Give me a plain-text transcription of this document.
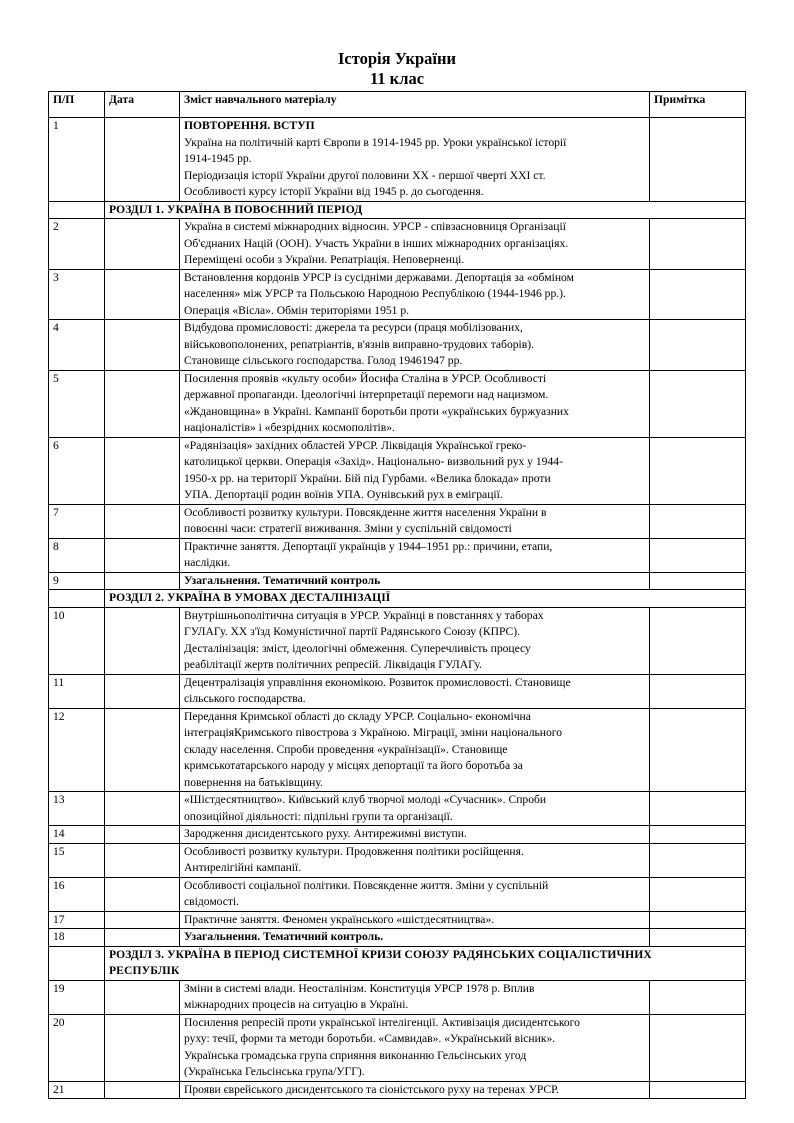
Історія України
11 клас
П/П	Дата	Зміст навчального матеріалу	Примітка
1		ПОВТОРЕННЯ. ВСТУП
Україна на політичній карті Європи в 1914-1945 рр. Уроки української історії
1914-1945 рр.
Періодизація історії України другої половини ХХ - першої чверті XXI ст.
Особливості курсу історії України від 1945 р. до сьогодення.	

	РОЗДІЛ 1. УКРАЇНА В ПОВОЄННИЙ ПЕРІОД		
2		Україна в системі міжнародних відносин. УРСР - співзасновниця Організації
Об'єднаних Націй (ООН). Участь України в інших міжнародних організаціях.
Переміщені особи з України. Репатріація. Неповерненці.	

3		Встановлення кордонів УРСР із сусідніми державами. Депортація за «обміном
населення» між УРСР та Польською Народною Республікою (1944-1946 рр.).
Операція «Вісла». Обмін територіями 1951 р.	

4		Відбудова промисловості: джерела та ресурси (праця мобілізованих,
військовополонених, репатріантів, в'язнів виправно-трудових таборів).
Становище сільського господарства. Голод 19461947 рр.	

5		Посилення проявів «культу особи» Йосифа Сталіна в УРСР. Особливості
державної пропаганди. Ідеологічні інтерпретації перемоги над нацизмом.
«Ждановщина» в Україні. Кампанії боротьби проти «українських буржуазних
націоналістів» і «безрідних космополітів».	

6		«Радянізація» західних областей УРСР. Ліквідація Української греко-
католицької церкви. Операція «Захід». Національно- визвольний рух у 1944-
1950-х рр. на території України. Бій під Гурбами. «Велика блокада» проти
УПА. Депортації родин воїнів УПА. Оунівський рух в еміграції.	

7		Особливості розвитку культури. Повсякденне життя населення України в
повоєнні часи: стратегії виживання. Зміни у суспільній свідомості	

8		Практичне заняття. Депортації українців у 1944–1951 рр.: причини, етапи,
наслідки.	

9		Узагальнення. Тематичний контроль	

	РОЗДІЛ 2. УКРАЇНА В УМОВАХ ДЕСТАЛІНІЗАЦІЇ		
10		Внутрішньополітична ситуація в УРСР. Українці в повстаннях у таборах
ГУЛАГу. ХХ з'їзд Комуністичної партії Радянського Союзу (КПРС).
Десталінізація: зміст, ідеологічні обмеження. Суперечливість процесу
реабілітації жертв політичних репресій. Ліквідація ГУЛАГу.	

11		Децентралізація управління економікою. Розвиток промисловості. Становище
сільського господарства.	

12		Передання Кримської області до складу УРСР. Соціально- економічна
інтеграціяКримського півострова з Україною. Міграції, зміни національного
складу населення. Спроби проведення «українізації». Становище
кримськотатарського народу у місцях депортації та його боротьба за
повернення на батьківщину.	

13		«Шістдесятництво». Київський клуб творчої молоді «Сучасник». Спроби
опозиційної діяльності: підпільні групи та організації.	

14		Зародження дисидентського руху. Антирежимні виступи.	

15		Особливості розвитку культури. Продовження політики російщення.
Антирелігійні кампанії.	

16		Особливості соціальної політики. Повсякденне життя. Зміни у суспільній
свідомості.	

17		Практичне заняття. Феномен українського «шістдесятництва».	

18		Узагальнення. Тематичний контроль.	

	РОЗДІЛ 3. УКРАЇНА В ПЕРІОД СИСТЕМНОЇ КРИЗИ СОЮЗУ РАДЯНСЬКИХ СОЦІАЛІСТИЧНИХ
РЕСПУБЛІК		

19		Зміни в системі влади. Неосталінізм. Конституція УРСР 1978 р. Вплив
міжнародних процесів на ситуацію в Україні.	

20		Посилення репресій проти української інтелігенції. Активізація дисидентського
руху: течії, форми та методи боротьби. «Самвидав». «Український вісник».
Українська громадська група сприяння виконанню Гельсінських угод
(Українська Гельсінська група/УГГ).	

21		Прояви єврейського дисидентського та сіоністського руху на теренах УРСР.	
